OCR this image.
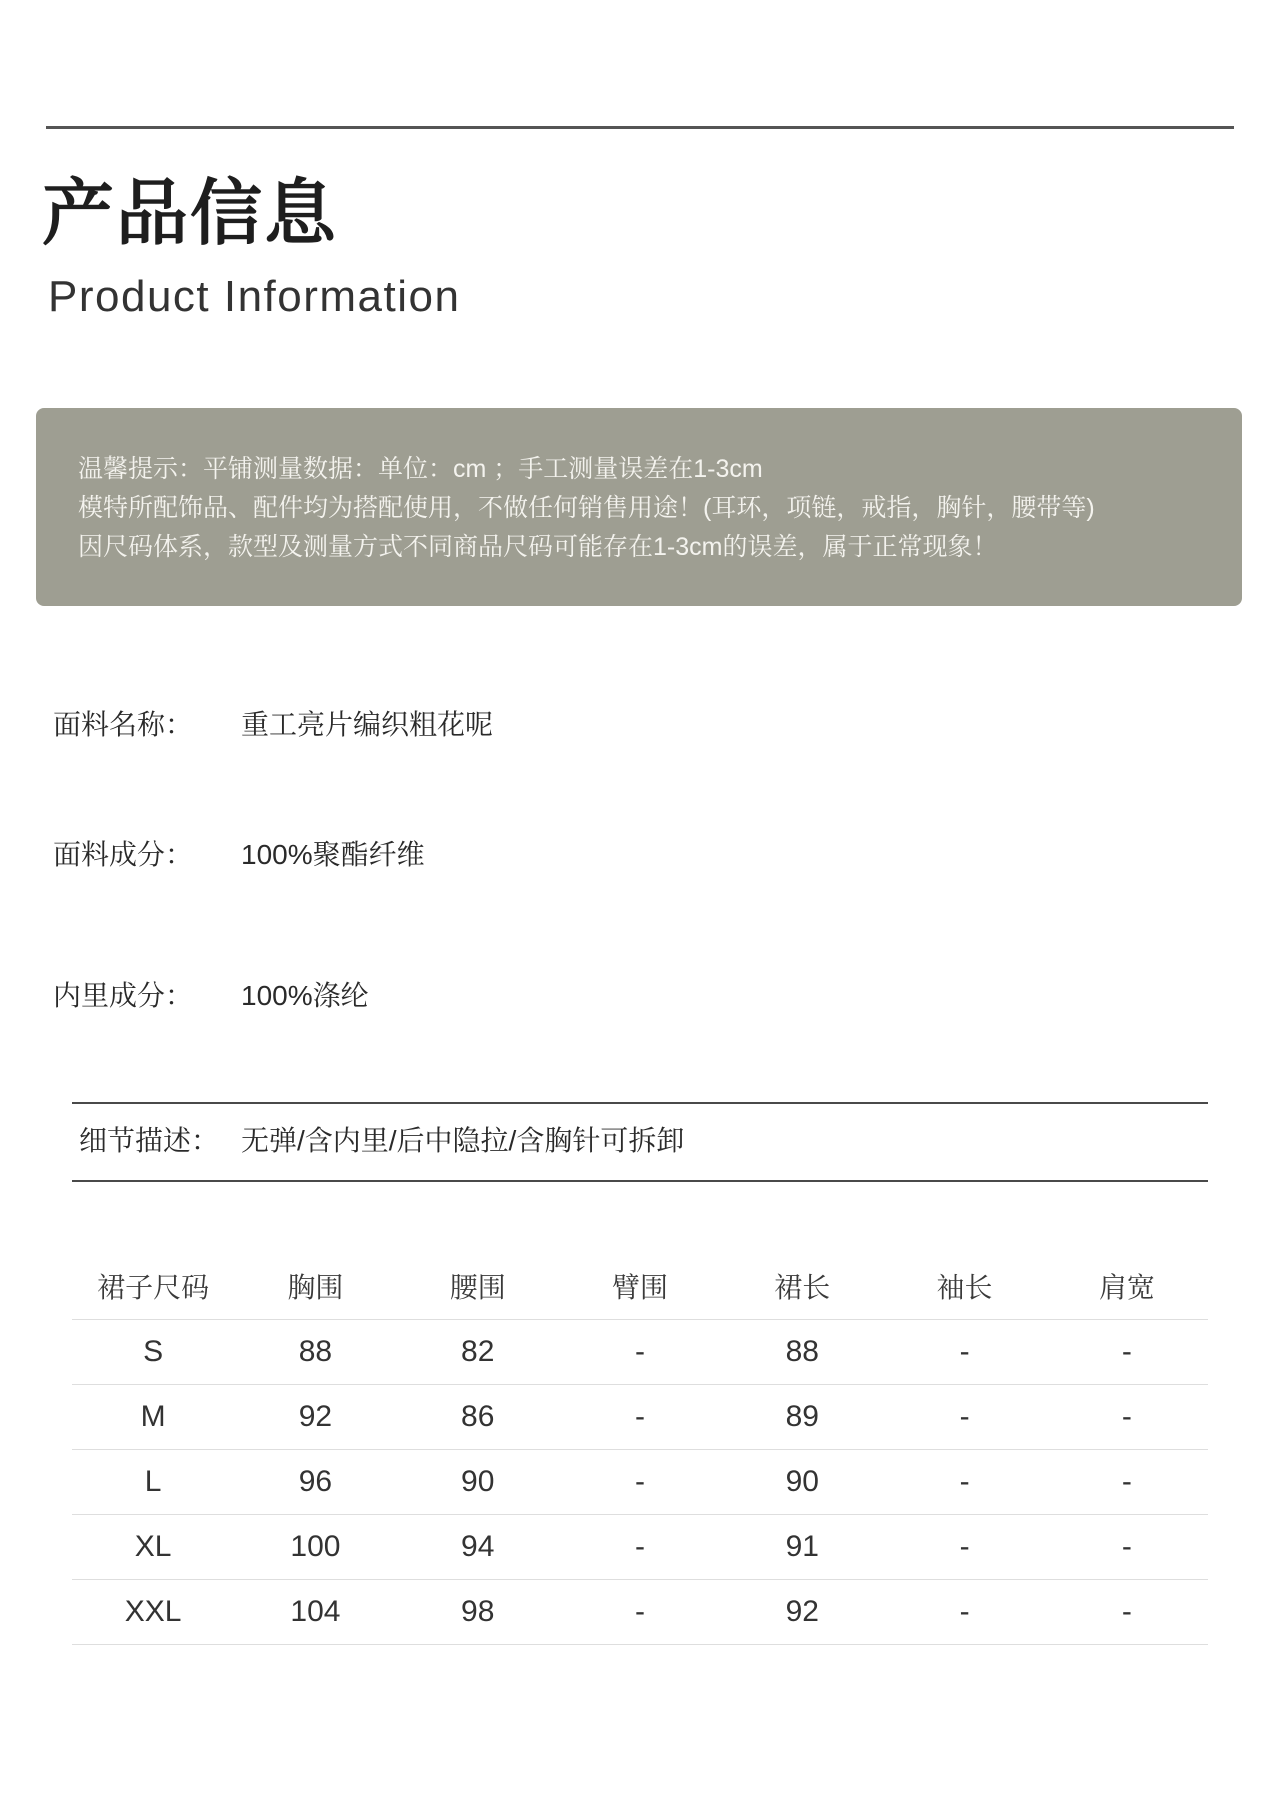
产品信息
Product Information
温馨提示：平铺测量数据：单位：cm ；手工测量误差在1-3cm
模特所配饰品、配件均为搭配使用，不做任何销售用途！(耳环，项链，戒指，胸针，腰带等)
因尺码体系，款型及测量方式不同商品尺码可能存在1-3cm的误差，属于正常现象！
面料名称： 重工亮片编织粗花呢
面料成分： 100%聚酯纤维
内里成分： 100%涤纶
细节描述： 无弹/含内里/后中隐拉/含胸针可拆卸
裙子尺码	胸围	腰围	臂围	裙长	袖长	肩宽
S	88	82	-	88	-	-
M	92	86	-	89	-	-
L	96	90	-	90	-	-
XL	100	94	-	91	-	-
XXL	104	98	-	92	-	-
